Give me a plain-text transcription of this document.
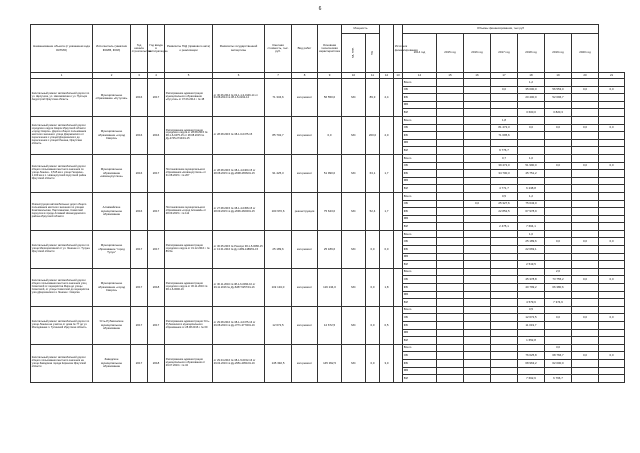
6
Наименование объекта (с указанием кода ОКТМО)	Исполнитель (заказчик ФОИВ, ФОИ)	Год начала строительства	Год ввода в эксплуатацию	Реквизиты ГКД (правового акта) о реализации	Реквизиты государственной экспертизы	Сметная стоимость, тыс. руб.	Вид работ	Основная техническая характеристика	Мощность			Источник финансирования	Объемы финансирования, тыс.руб							
									ед. изм.	ед.			2014 год	2015 год	2016 год	2017 год	2018 год	2019 год	2020 год	
1	2	3	4	5	6	7	8	9	10	11	12	13	14	15	16	17	18	19	20	21
Капитальный ремонт автомобильной дороги по ул. Щепучиха, ул. Нахимовская и ул. Пустыря Амурстрой Иркутская область	Муниципальное образование «Кутулик»	2016	2017	Распоряжение администрации муниципального образования «Кутулик» от 07.06.2014 г. № 48	от 30.06.2014 № 02-1-1-3-0146-14 от 04.08.2014 № 38-1-5-0192-14	71 334,6	кап.ремонт	56 550,0	МС	89,3	2,4		Всего				1,2			
													ОБ			0,0	35 000,0	56 553,0	0,0	0,0
													ФБ				20 400,0	52 696,7		
													МБ							
													ВИ				3 600,0	3 820,3		
Капитальный ремонт автомобильной дороги городского округа Свирск Иркутской области «город Свирск». Дорога общего пользования местного значения: улица Дзержинского от пересечения с улицей Дзержинского до пересечения с улицей Ленина, Иркутская область	Муниципальное образование «город Свирск»	2016	2016	Распоряжение администрации городского округа от 28.08.2015 № 38-1-6-0475-15 от 28.08.2015 № Ду-2745-2744/01-15	от 28.08.2015 № 38-1-6-0475-15	85 702,7	кап.ремонт	0,0	МС	200,0	2,0		Всего			1,8				
													ОБ			81 472,3	0,0	0,0	0,0	0,0
													ФБ			71 695,6				
													МБ							
													ВИ			9 776,7				
Капитальный ремонт автомобильной дороги общего пользования местного значения по улице Ленина - 0,515 км и улице Гагарина - 1,169 км в п. Новонукутский Нукутский район Иркутской области	Муниципальное образование «Новонукутское»	2016	2017	Постановление муниципального образования «Новонукутское» от 31.08.2015 г. № 207	от 28.08.2015 № 38-1-4-0460-15 от 28.08.2015 № Ду-2698-2656/01-15	91 425,3	кап.ремонт	51 990,0	МС	63,1	1,7		Всего			0,7	1,0			
													ОБ			39 472,0	51 990,0	0,0	0,0	0,0
													ФБ			34 700,3	45 751,2			
													МБ							
													ВИ			4 771,7	6 238,8			
Реконструкция автомобильных дорог общего пользования местного значения по улицам Комсомольская, Партизанская, Советский переулок в городе Алзамай Нижнеудинского района Иркутской области	Алзамайское муниципальное образование	2016	2017	Постановление муниципального образования «город Алзамай» от 28.09.2015 г. № 112	от 27.08.2015 № 38-1-4-0458-15 от 28.09.2015 № Ду-2696-2660/01-15	100 970,6	реконструкция	75 643,0	МС	52,4	1,7		Всего			0,5	1,2			
													ОБ		0,0	25 327,6	75 643,0			
													ФБ			22 852,5	67 978,9			
													МБ							
													ВИ			2 475,1	7 664,1			
Капитальный ремонт автомобильной дороги по улице Мелиоративной от ул. Ленина к п. Тулуна Иркутской области	Муниципальное образование "город Тулун"	2017	2017	Распоряжение администрации городского округа от 31.12.2016 г. № 86-5а	от 30.05.2015 № Рзекпро 38-1-5-0086-15 от 13.01.2016 № Ду-1489-1488/01-15	25 189,6	кап.ремонт	25 189,6	МС	0,0	0,0		Всего				1,0			
													ОБ				25 189,6	0,0	0,0	0,0
													ФБ				22 669,1			
													МБ							
													ВИ				2 519,5			
Капитальный ремонт автомобильной дороги общего пользования местного значения улиц Советской от перекрёстка Мира до улицы Советской, от улицы Советской до перекрёстка улиц Дзержинского и Ленина г. Свирска	Муниципальное образование «город Свирск»	2017	2018	Распоряжение администрации городского округа от 30.11.2016 № 38-1-6-0090-16	от 30.11.2016 № 38-1-6-0090-16 от 29.11.2016 № Ду-5287-5257/01-16	119 134,0	кап.ремонт	119 134,0	МС	0,0	1,8		Всего					2,6		
													ОБ				45 378,8	73 755,2	0,0	0,0
													ФБ				40 799,2	66 380,6		
													МБ							
													ВИ				4 579,6	7 374,6		
Капитальный ремонт автомобильной дороги по улице Ленина на участке от дома № 77 до ул. Молодёжная п. Тулинский Иркутская область	Усть-Рубахинское муниципальное образование	2017	2017	Распоряжение администрации Усть-Рубахинского муниципального образования от 28.08.2016 г. № 69	от 29.08.2016 № 38-1-4-0475-16 от 29.08.2016 № Ду-3771-3770/01-16	12 672,5	кап.ремонт	12 672,5	МС	0,0	0,5		Всего				0,5			
													ОБ				12 672,5	0,0	0,0	0,0
													ФБ				11 019,7			
													МБ							
													ВИ				1 652,8			
Капитальный ремонт автомобильной дороги общего пользования местного значения на улице Заводская города Киренска Иркутской области	Заводское муниципальное образование	2017	2018	Распоряжение администрации муниципального образования от 29.07.2016 г. № 34	от 29.04.2016 № 38-1-5-0152-16 от 29.04.2016 № Ду-2951-2951/01-16	145 392,5	кап.ремонт	145 392,5	МС	0,0	3,0		Всего					3,0		
													ОБ				76 625,8	68 766,7	0,0	0,0
													ФБ				68 963,2	62 000,0		
													МБ							
													ВИ				7 662,6	6 766,7		
